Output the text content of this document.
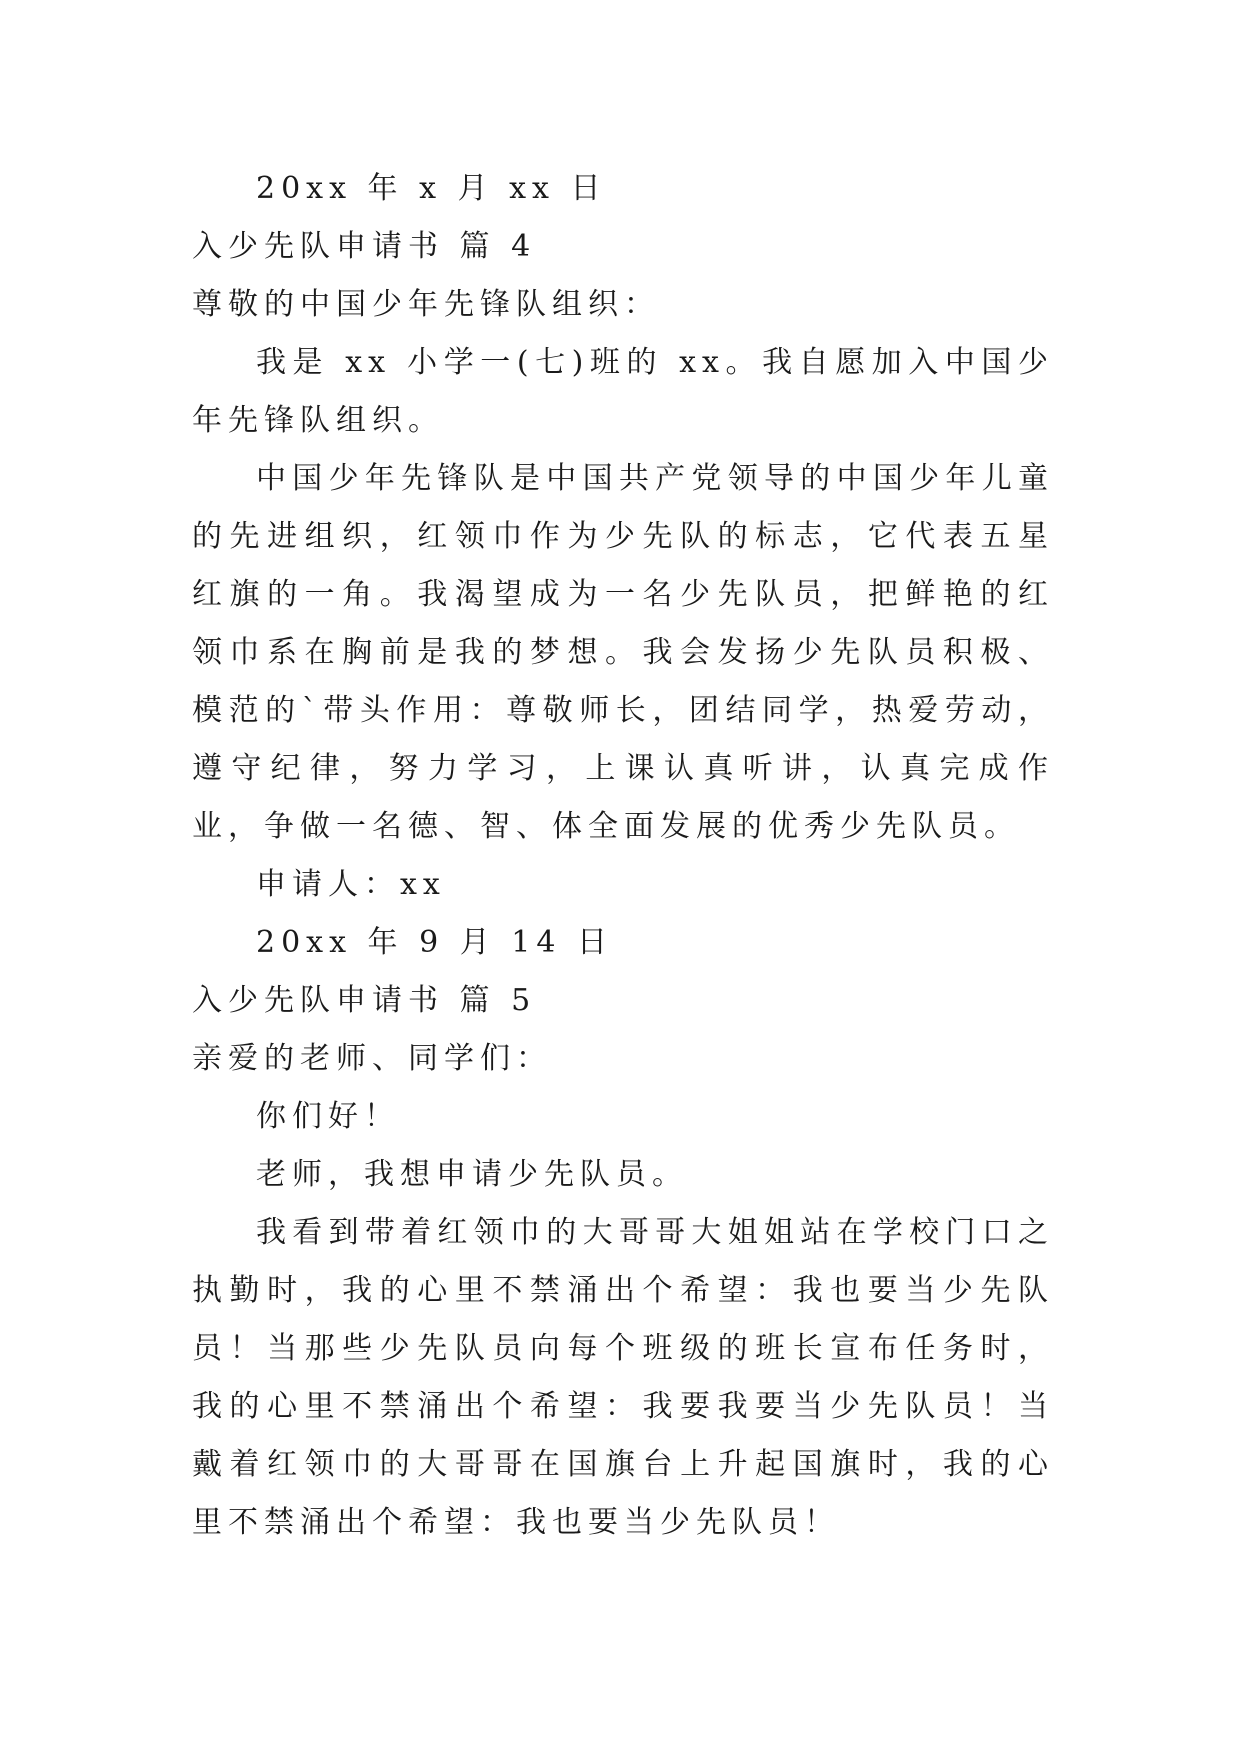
20xx 年 x 月 xx 日

入少先队申请书 篇 4

尊敬的中国少年先锋队组织：

我是 xx 小学一(七)班的 xx。我自愿加入中国少年先锋队组织。

中国少年先锋队是中国共产党领导的中国少年儿童的先进组织，红领巾作为少先队的标志，它代表五星红旗的一角。我渴望成为一名少先队员，把鲜艳的红领巾系在胸前是我的梦想。我会发扬少先队员积极、模范的`带头作用：尊敬师长，团结同学，热爱劳动，遵守纪律，努力学习，上课认真听讲，认真完成作业，争做一名德、智、体全面发展的优秀少先队员。

申请人：xx

20xx 年 9 月 14 日

入少先队申请书 篇 5

亲爱的老师、同学们：

你们好！

老师，我想申请少先队员。

我看到带着红领巾的大哥哥大姐姐站在学校门口之执勤时，我的心里不禁涌出个希望：我也要当少先队员！当那些少先队员向每个班级的班长宣布任务时，我的心里不禁涌出个希望：我要我要当少先队员！当戴着红领巾的大哥哥在国旗台上升起国旗时，我的心里不禁涌出个希望：我也要当少先队员！
